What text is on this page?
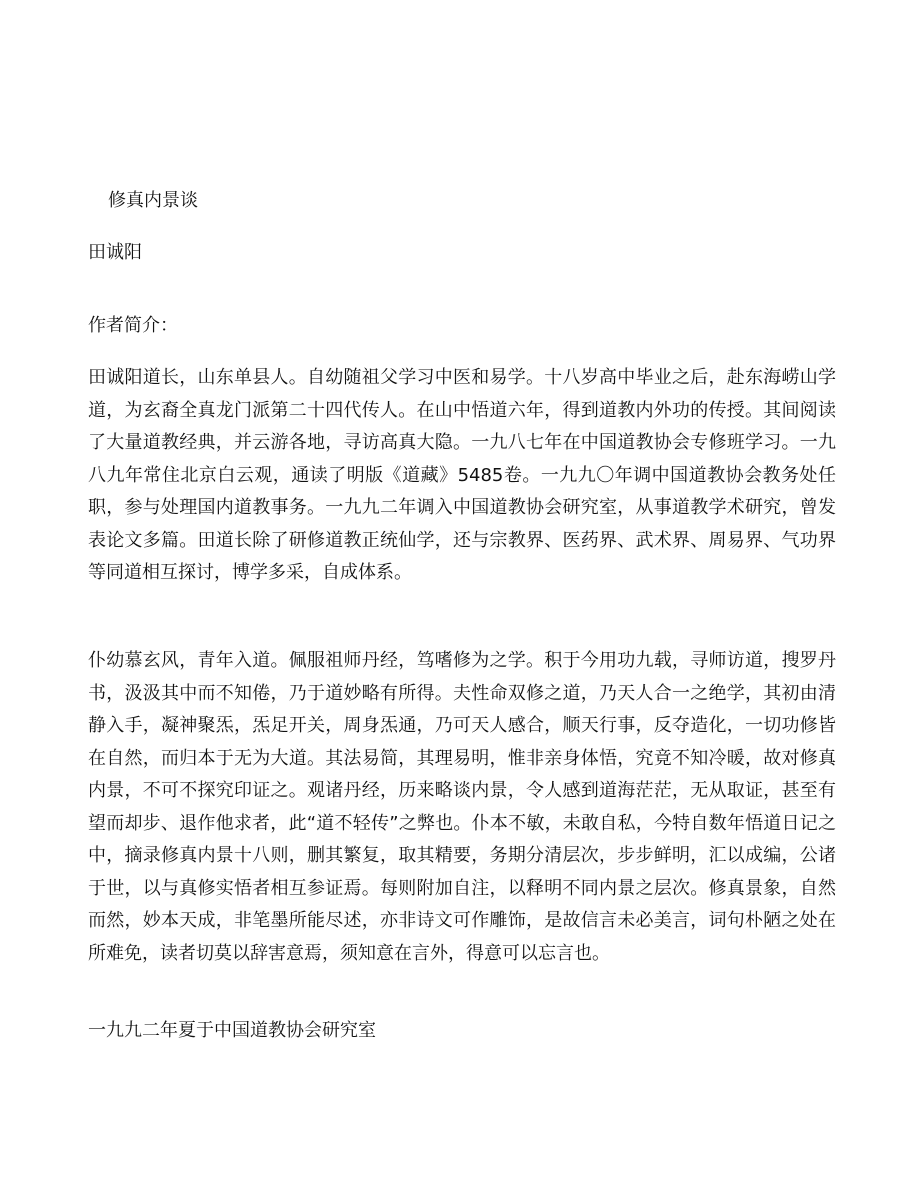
修真内景谈
田诚阳
作者简介：
田诚阳道长，山东单县人。自幼随祖父学习中医和易学。十八岁高中毕业之后，赴东海崂山学道，为玄裔全真龙门派第二十四代传人。在山中悟道六年，得到道教内外功的传授。其间阅读了大量道教经典，并云游各地，寻访高真大隐。一九八七年在中国道教协会专修班学习。一九八九年常住北京白云观，通读了明版《道藏》5485卷。一九九〇年调中国道教协会教务处任职，参与处理国内道教事务。一九九二年调入中国道教协会研究室，从事道教学术研究，曾发表论文多篇。田道长除了研修道教正统仙学，还与宗教界、医药界、武术界、周易界、气功界等同道相互探讨，博学多采，自成体系。
仆幼慕玄风，青年入道。佩服祖师丹经，笃嗜修为之学。积于今用功九载，寻师访道，搜罗丹书，汲汲其中而不知倦，乃于道妙略有所得。夫性命双修之道，乃天人合一之绝学，其初由清静入手，凝神聚炁，炁足开关，周身炁通，乃可天人感合，顺天行事，反夺造化，一切功修皆在自然，而归本于无为大道。其法易简，其理易明，惟非亲身体悟，究竟不知冷暖，故对修真内景，不可不探究印证之。观诸丹经，历来略谈内景，令人感到道海茫茫，无从取证，甚至有望而却步、退作他求者，此“道不轻传”之弊也。仆本不敏，未敢自私，今特自数年悟道日记之中，摘录修真内景十八则，删其繁复，取其精要，务期分清层次，步步鲜明，汇以成编，公诸于世，以与真修实悟者相互参证焉。每则附加自注，以释明不同内景之层次。修真景象，自然而然，妙本天成，非笔墨所能尽述，亦非诗文可作雕饰，是故信言未必美言，词句朴陋之处在所难免，读者切莫以辞害意焉，须知意在言外，得意可以忘言也。
一九九二年夏于中国道教协会研究室
